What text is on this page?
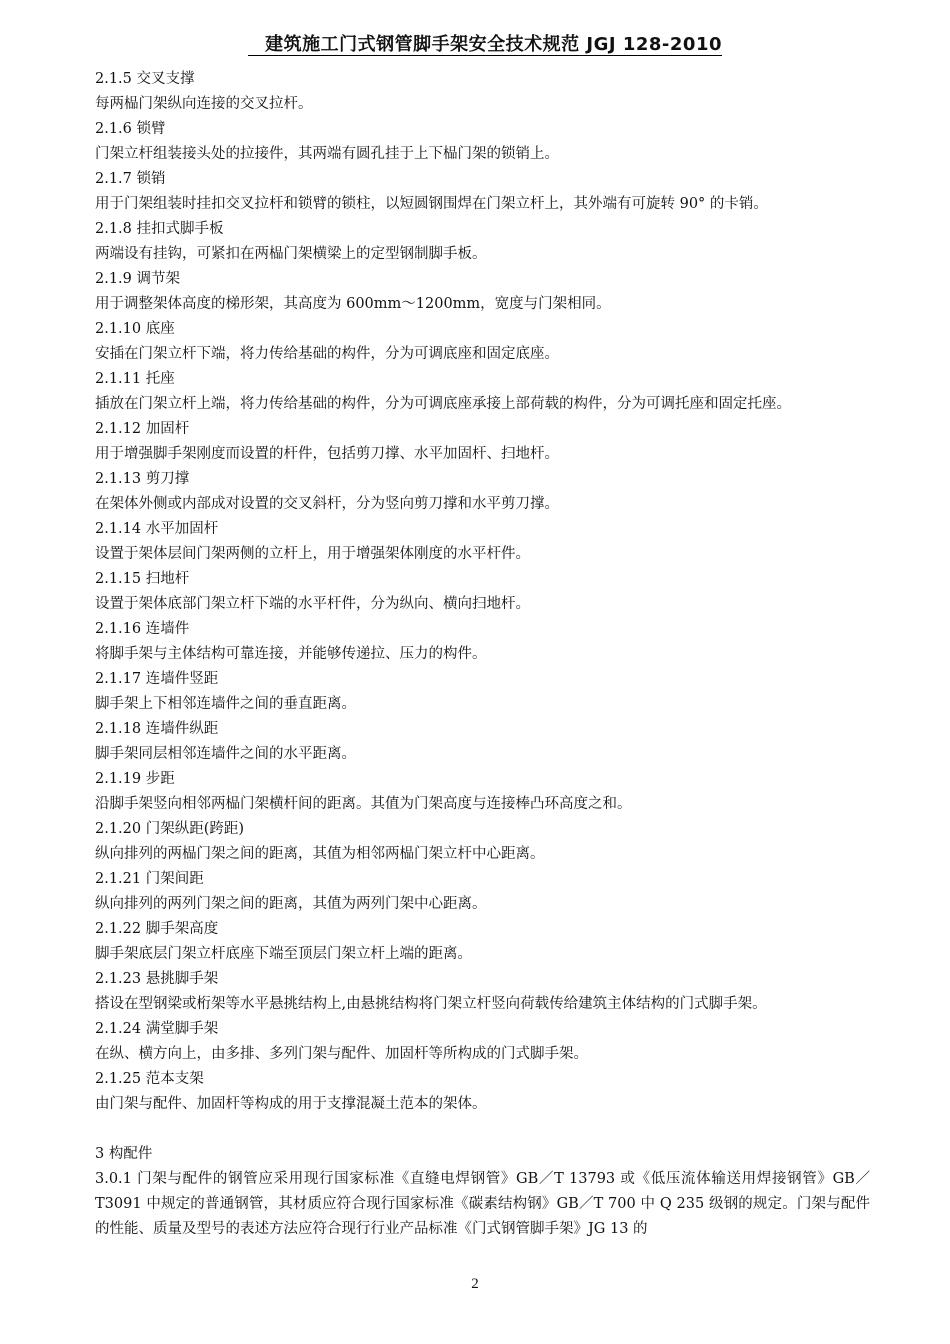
建筑施工门式钢管脚手架安全技术规范 JGJ 128-2010
2.1.5 交叉支撑
每两榀门架纵向连接的交叉拉杆。
2.1.6 锁臂
门架立杆组装接头处的拉接件，其两端有圆孔挂于上下榀门架的锁销上。
2.1.7 锁销
用于门架组装时挂扣交叉拉杆和锁臂的锁柱，以短圆钢围焊在门架立杆上，其外端有可旋转 90° 的卡销。
2.1.8 挂扣式脚手板
两端设有挂钩，可紧扣在两榀门架横梁上的定型钢制脚手板。
2.1.9 调节架
用于调整架体高度的梯形架，其高度为 600mm～1200mm，宽度与门架相同。
2.1.10 底座
安插在门架立杆下端，将力传给基础的构件，分为可调底座和固定底座。
2.1.11 托座
插放在门架立杆上端，将力传给基础的构件，分为可调底座承接上部荷载的构件，分为可调托座和固定托座。
2.1.12 加固杆
用于增强脚手架刚度而设置的杆件，包括剪刀撑、水平加固杆、扫地杆。
2.1.13 剪刀撑
在架体外侧或内部成对设置的交叉斜杆，分为竖向剪刀撑和水平剪刀撑。
2.1.14 水平加固杆
设置于架体层间门架两侧的立杆上，用于增强架体刚度的水平杆件。
2.1.15 扫地杆
设置于架体底部门架立杆下端的水平杆件，分为纵向、横向扫地杆。
2.1.16 连墙件
将脚手架与主体结构可靠连接，并能够传递拉、压力的构件。
2.1.17 连墙件竖距
脚手架上下相邻连墙件之间的垂直距离。
2.1.18 连墙件纵距
脚手架同层相邻连墙件之间的水平距离。
2.1.19 步距
沿脚手架竖向相邻两榀门架横杆间的距离。其值为门架高度与连接棒凸环高度之和。
2.1.20 门架纵距(跨距)
纵向排列的两榀门架之间的距离，其值为相邻两榀门架立杆中心距离。
2.1.21 门架间距
纵向排列的两列门架之间的距离，其值为两列门架中心距离。
2.1.22 脚手架高度
脚手架底层门架立杆底座下端至顶层门架立杆上端的距离。
2.1.23 悬挑脚手架
搭设在型钢梁或桁架等水平悬挑结构上,由悬挑结构将门架立杆竖向荷载传给建筑主体结构的门式脚手架。
2.1.24 满堂脚手架
在纵、横方向上，由多排、多列门架与配件、加固杆等所构成的门式脚手架。
2.1.25 范本支架
由门架与配件、加固杆等构成的用于支撑混凝土范本的架体。
3 构配件
3.0.1 门架与配件的钢管应采用现行国家标准《直缝电焊钢管》GB／T 13793 或《低压流体输送用焊接钢管》GB／T3091 中规定的普通钢管，其材质应符合现行国家标准《碳素结构钢》GB／T 700 中 Q 235 级钢的规定。门架与配件的性能、质量及型号的表述方法应符合现行行业产品标准《门式钢管脚手架》JG 13 的
2
